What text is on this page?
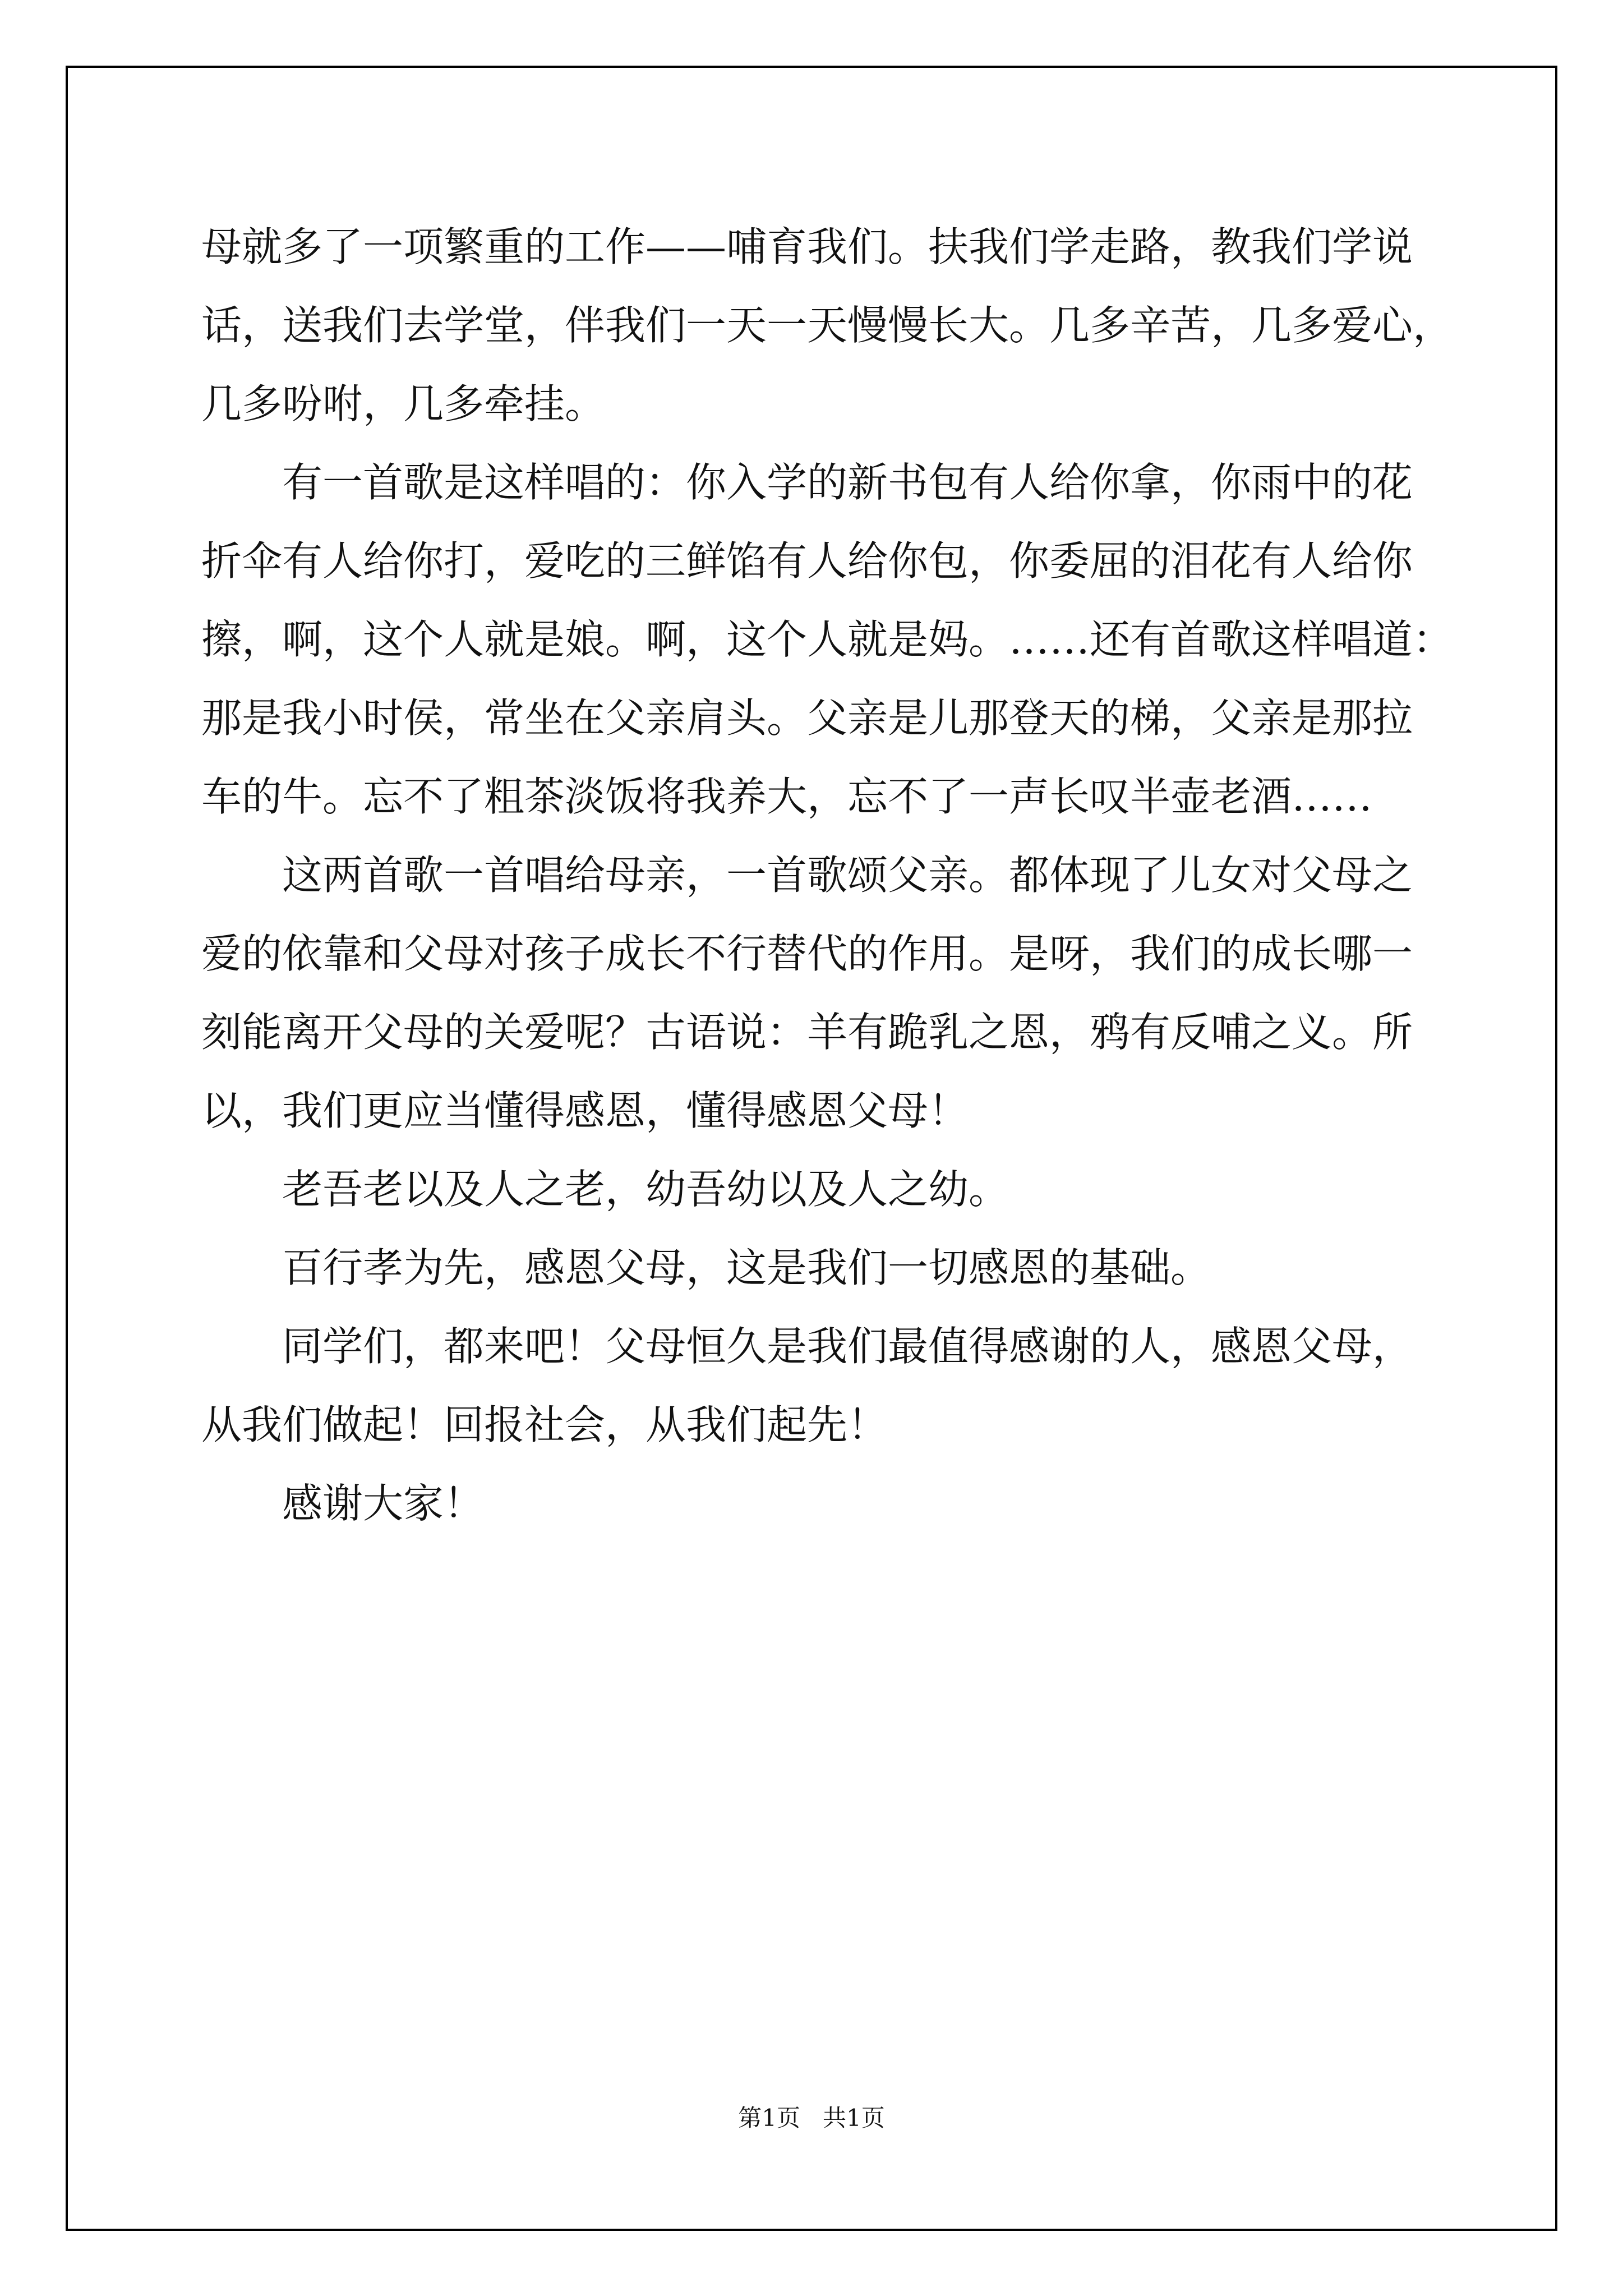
母就多了一项繁重的工作——哺育我们。扶我们学走路，教我们学说
话，送我们去学堂，伴我们一天一天慢慢长大。几多辛苦，几多爱心，
几多吩咐，几多牵挂。
有一首歌是这样唱的：你入学的新书包有人给你拿，你雨中的花
折伞有人给你打，爱吃的三鲜馅有人给你包，你委屈的泪花有人给你
擦，啊，这个人就是娘。啊，这个人就是妈。……还有首歌这样唱道：
那是我小时侯，常坐在父亲肩头。父亲是儿那登天的梯，父亲是那拉
车的牛。忘不了粗茶淡饭将我养大，忘不了一声长叹半壶老酒……
这两首歌一首唱给母亲，一首歌颂父亲。都体现了儿女对父母之
爱的依靠和父母对孩子成长不行替代的作用。是呀，我们的成长哪一
刻能离开父母的关爱呢？古语说：羊有跪乳之恩，鸦有反哺之义。所
以，我们更应当懂得感恩，懂得感恩父母！
老吾老以及人之老，幼吾幼以及人之幼。
百行孝为先，感恩父母，这是我们一切感恩的基础。
同学们，都来吧！父母恒久是我们最值得感谢的人，感恩父母，
从我们做起！回报社会，从我们起先！
感谢大家！
第1页 共1页
